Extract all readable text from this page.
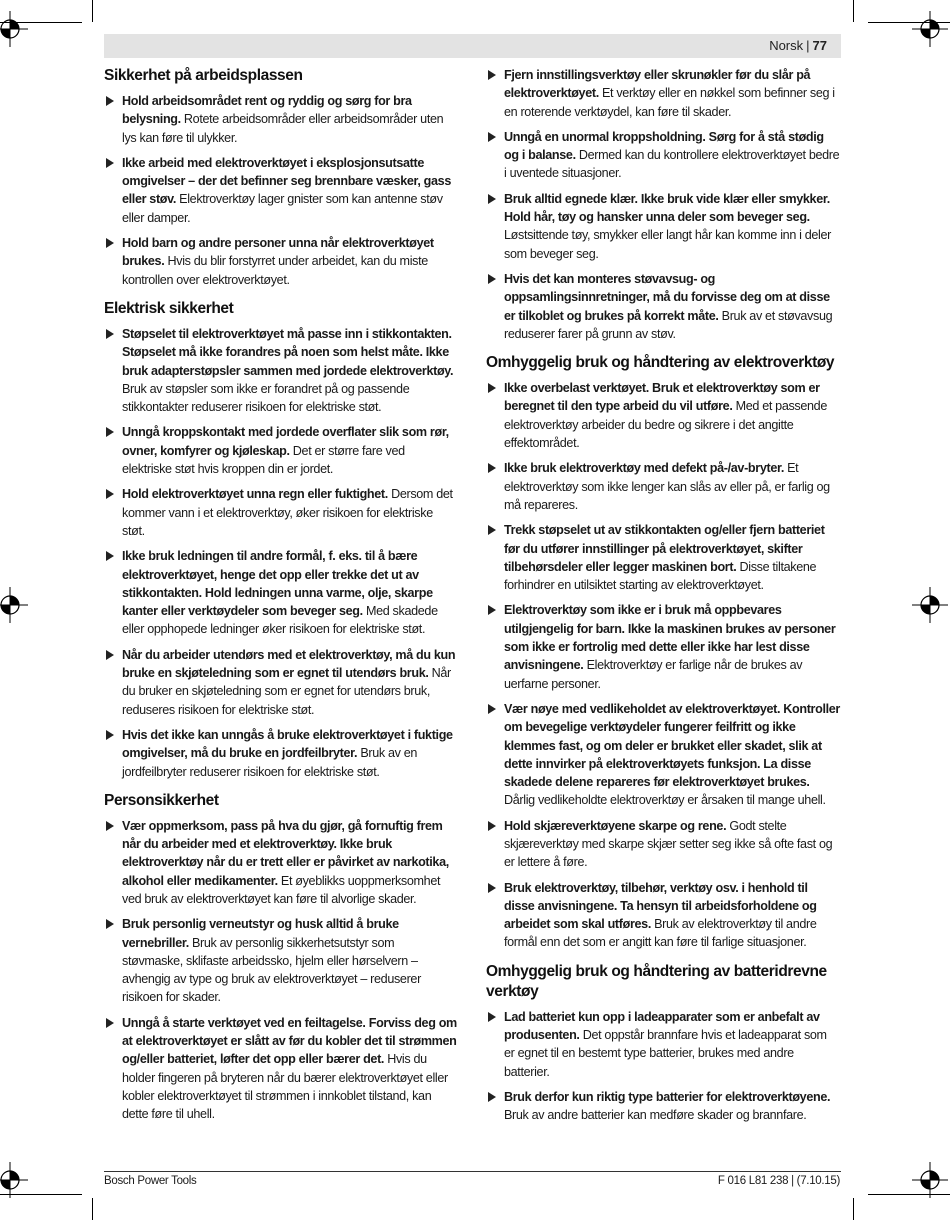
Norsk | 77
Sikkerhet på arbeidsplassen
Hold arbeidsområdet rent og ryddig og sørg for bra belysning. Rotete arbeidsområder eller arbeidsområder uten lys kan føre til ulykker.
Ikke arbeid med elektroverktøyet i eksplosjonsutsatte omgivelser – der det befinner seg brennbare væsker, gass eller støv. Elektroverktøy lager gnister som kan antenne støv eller damper.
Hold barn og andre personer unna når elektroverktøyet brukes. Hvis du blir forstyrret under arbeidet, kan du miste kontrollen over elektroverktøyet.
Elektrisk sikkerhet
Støpselet til elektroverktøyet må passe inn i stikkontakten. Støpselet må ikke forandres på noen som helst måte. Ikke bruk adapterstøpsler sammen med jordede elektroverktøy. Bruk av støpsler som ikke er forandret på og passende stikkontakter reduserer risikoen for elektriske støt.
Unngå kroppskontakt med jordede overflater slik som rør, ovner, komfyrer og kjøleskap. Det er større fare ved elektriske støt hvis kroppen din er jordet.
Hold elektroverktøyet unna regn eller fuktighet. Dersom det kommer vann i et elektroverktøy, øker risikoen for elektriske støt.
Ikke bruk ledningen til andre formål, f. eks. til å bære elektroverktøyet, henge det opp eller trekke det ut av stikkontakten. Hold ledningen unna varme, olje, skarpe kanter eller verktøydeler som beveger seg. Med skadede eller opphopede ledninger øker risikoen for elektriske støt.
Når du arbeider utendørs med et elektroverktøy, må du kun bruke en skjøteledning som er egnet til utendørs bruk. Når du bruker en skjøteledning som er egnet for utendørs bruk, reduseres risikoen for elektriske støt.
Hvis det ikke kan unngås å bruke elektroverktøyet i fuktige omgivelser, må du bruke en jordfeilbryter. Bruk av en jordfeilbryter reduserer risikoen for elektriske støt.
Personsikkerhet
Vær oppmerksom, pass på hva du gjør, gå fornuftig frem når du arbeider med et elektroverktøy. Ikke bruk elektroverktøy når du er trett eller er påvirket av narkotika, alkohol eller medikamenter. Et øyeblikks uoppmerksomhet ved bruk av elektroverktøyet kan føre til alvorlige skader.
Bruk personlig verneutstyr og husk alltid å bruke vernebriller. Bruk av personlig sikkerhetsutstyr som støvmaske, sklifaste arbeidssko, hjelm eller hørselvern – avhengig av type og bruk av elektroverktøyet – reduserer risikoen for skader.
Unngå å starte verktøyet ved en feiltagelse. Forviss deg om at elektroverktøyet er slått av før du kobler det til strømmen og/eller batteriet, løfter det opp eller bærer det. Hvis du holder fingeren på bryteren når du bærer elektroverktøyet eller kobler elektroverktøyet til strømmen i innkoblet tilstand, kan dette føre til uhell.
Fjern innstillingsverktøy eller skrunøkler før du slår på elektroverktøyet. Et verktøy eller en nøkkel som befinner seg i en roterende verktøydel, kan føre til skader.
Unngå en unormal kroppsholdning. Sørg for å stå stødig og i balanse. Dermed kan du kontrollere elektroverktøyet bedre i uventede situasjoner.
Bruk alltid egnede klær. Ikke bruk vide klær eller smykker. Hold hår, tøy og hansker unna deler som beveger seg. Løstsittende tøy, smykker eller langt hår kan komme inn i deler som beveger seg.
Hvis det kan monteres støvavsug- og oppsamlingsinnretninger, må du forvisse deg om at disse er tilkoblet og brukes på korrekt måte. Bruk av et støvavsug reduserer farer på grunn av støv.
Omhyggelig bruk og håndtering av elektroverktøy
Ikke overbelast verktøyet. Bruk et elektroverktøy som er beregnet til den type arbeid du vil utføre. Med et passende elektroverktøy arbeider du bedre og sikrere i det angitte effektområdet.
Ikke bruk elektroverktøy med defekt på-/av-bryter. Et elektroverktøy som ikke lenger kan slås av eller på, er farlig og må repareres.
Trekk støpselet ut av stikkontakten og/eller fjern batteriet før du utfører innstillinger på elektroverktøyet, skifter tilbehørsdeler eller legger maskinen bort. Disse tiltakene forhindrer en utilsiktet starting av elektroverktøyet.
Elektroverktøy som ikke er i bruk må oppbevares utilgjengelig for barn. Ikke la maskinen brukes av personer som ikke er fortrolig med dette eller ikke har lest disse anvisningene. Elektroverktøy er farlige når de brukes av uerfarne personer.
Vær nøye med vedlikeholdet av elektroverktøyet. Kontroller om bevegelige verktøydeler fungerer feilfritt og ikke klemmes fast, og om deler er brukket eller skadet, slik at dette innvirker på elektroverktøyets funksjon. La disse skadede delene repareres før elektroverktøyet brukes. Dårlig vedlikeholdte elektroverktøy er årsaken til mange uhell.
Hold skjæreverktøyene skarpe og rene. Godt stelte skjæreverktøy med skarpe skjær setter seg ikke så ofte fast og er lettere å føre.
Bruk elektroverktøy, tilbehør, verktøy osv. i henhold til disse anvisningene. Ta hensyn til arbeidsforholdene og arbeidet som skal utføres. Bruk av elektroverktøy til andre formål enn det som er angitt kan føre til farlige situasjoner.
Omhyggelig bruk og håndtering av batteridrevne verktøy
Lad batteriet kun opp i ladeapparater som er anbefalt av produsenten. Det oppstår brannfare hvis et ladeapparat som er egnet til en bestemt type batterier, brukes med andre batterier.
Bruk derfor kun riktig type batterier for elektroverktøyene. Bruk av andre batterier kan medføre skader og brannfare.
Bosch Power Tools	F 016 L81 238 | (7.10.15)
